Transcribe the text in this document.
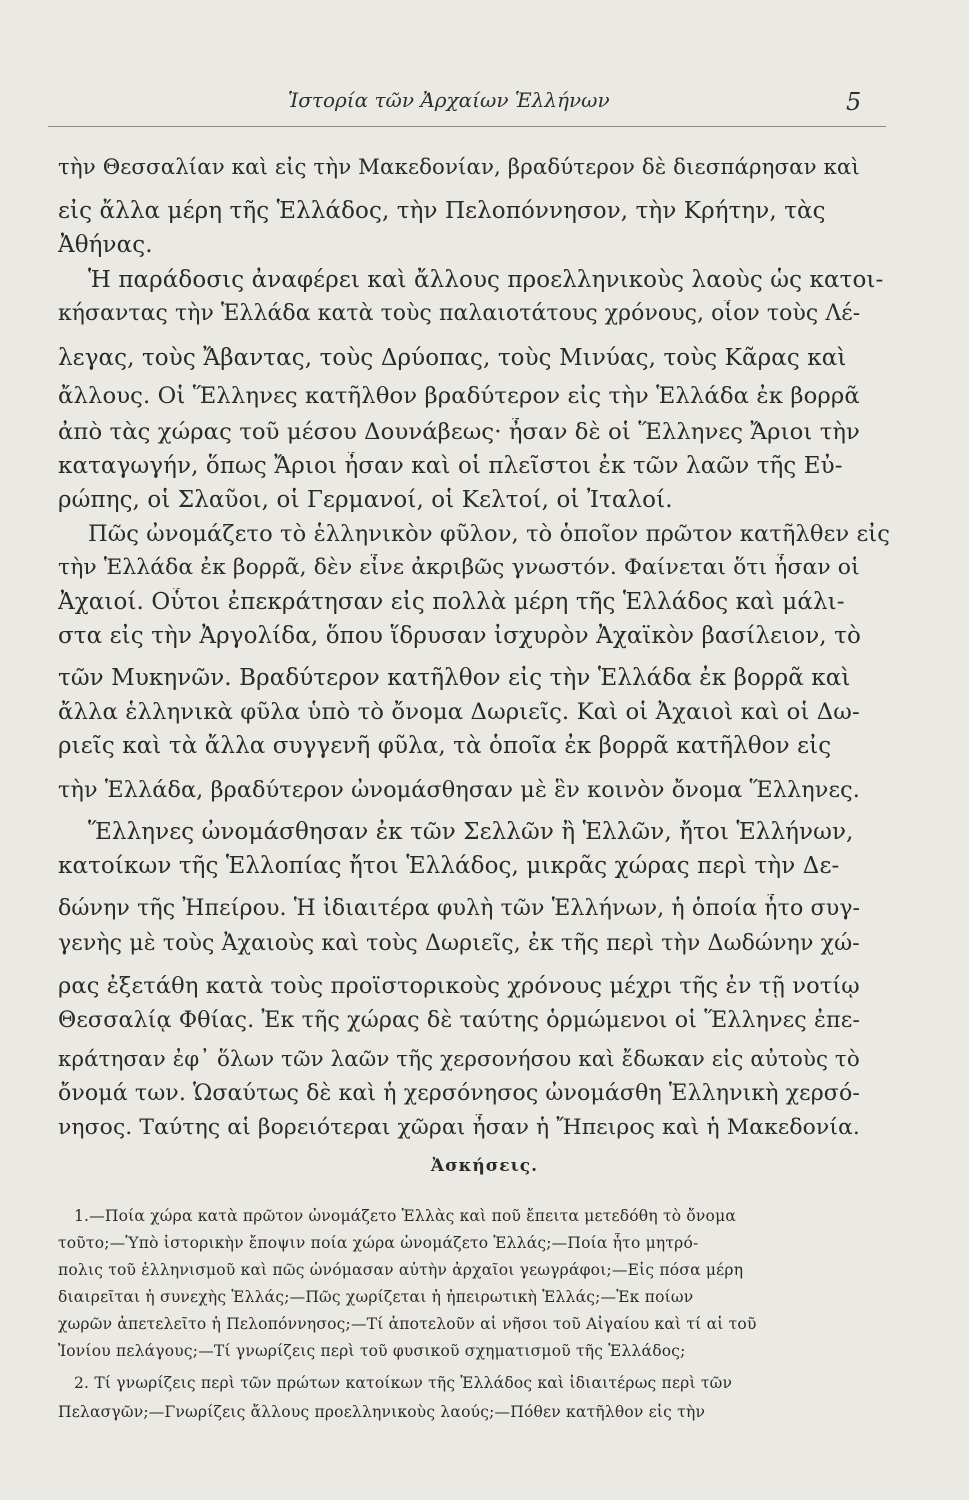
Ἱστορία τῶν Ἀρχαίων Ἑλλήνων	5

τὴν Θεσσαλίαν καὶ εἰς τὴν Μακεδονίαν, βραδύτερον δὲ διεσπάρησαν καὶ

εἰς ἄλλα μέρη τῆς Ἑλλάδος, τὴν Πελοπόννησον, τὴν Κρήτην, τὰς

Ἀθήνας.

Ἡ παράδοσις ἀναφέρει καὶ ἄλλους προελληνικοὺς λαοὺς ὡς κατοι-

κήσαντας τὴν Ἑλλάδα κατὰ τοὺς παλαιοτάτους χρόνους, οἷον τοὺς Λέ-

λεγας, τοὺς Ἄβαντας, τοὺς Δρύοπας, τοὺς Μινύας, τοὺς Κᾶρας καὶ

ἄλλους. Οἱ Ἕλληνες κατῆλθον βραδύτερον εἰς τὴν Ἑλλάδα ἐκ βορρᾶ

ἀπὸ τὰς χώρας τοῦ μέσου Δουνάβεως· ἦσαν δὲ οἱ Ἕλληνες Ἄριοι τὴν

καταγωγήν, ὅπως Ἄριοι ἦσαν καὶ οἱ πλεῖστοι ἐκ τῶν λαῶν τῆς Εὐ-

ρώπης, οἱ Σλαῦοι, οἱ Γερμανοί, οἱ Κελτοί, οἱ Ἰταλοί.

Πῶς ὠνομάζετο τὸ ἑλληνικὸν φῦλον, τὸ ὁποῖον πρῶτον κατῆλθεν εἰς

τὴν Ἑλλάδα ἐκ βορρᾶ, δὲν εἶνε ἀκριβῶς γνωστόν. Φαίνεται ὅτι ἦσαν οἱ

Ἀχαιοί. Οὗτοι ἐπεκράτησαν εἰς πολλὰ μέρη τῆς Ἑλλάδος καὶ μάλι-

στα εἰς τὴν Ἀργολίδα, ὅπου ἵδρυσαν ἰσχυρὸν Ἀχαϊκὸν βασίλειον, τὸ

τῶν Μυκηνῶν. Βραδύτερον κατῆλθον εἰς τὴν Ἑλλάδα ἐκ βορρᾶ καὶ

ἄλλα ἑλληνικὰ φῦλα ὑπὸ τὸ ὄνομα Δωριεῖς. Καὶ οἱ Ἀχαιοὶ καὶ οἱ Δω-

ριεῖς καὶ τὰ ἄλλα συγγενῆ φῦλα, τὰ ὁποῖα ἐκ βορρᾶ κατῆλθον εἰς

τὴν Ἑλλάδα, βραδύτερον ὠνομάσθησαν μὲ ἓν κοινὸν ὄνομα Ἕλληνες.

Ἕλληνες ὠνομάσθησαν ἐκ τῶν Σελλῶν ἢ Ἑλλῶν, ἤτοι Ἑλλήνων,

κατοίκων τῆς Ἑλλοπίας ἤτοι Ἑλλάδος, μικρᾶς χώρας περὶ τὴν Δε-

δώνην τῆς Ἠπείρου. Ἡ ἰδιαιτέρα φυλὴ τῶν Ἑλλήνων, ἡ ὁποία ἦτο συγ-

γενὴς μὲ τοὺς Ἀχαιοὺς καὶ τοὺς Δωριεῖς, ἐκ τῆς περὶ τὴν Δωδώνην χώ-

ρας ἐξετάθη κατὰ τοὺς προϊστορικοὺς χρόνους μέχρι τῆς ἐν τῇ νοτίῳ

Θεσσαλίᾳ Φθίας. Ἐκ τῆς χώρας δὲ ταύτης ὁρμώμενοι οἱ Ἕλληνες ἐπε-

κράτησαν ἐφ᾿ ὅλων τῶν λαῶν τῆς χερσονήσου καὶ ἔδωκαν εἰς αὐτοὺς τὸ

ὄνομά των. Ὡσαύτως δὲ καὶ ἡ χερσόνησος ὠνομάσθη Ἑλληνικὴ χερσό-

νησος. Ταύτης αἱ βορειότεραι χῶραι ἦσαν ἡ Ἤπειρος καὶ ἡ Μακεδονία.

Ἀσκήσεις.

1.—Ποία χώρα κατὰ πρῶτον ὠνομάζετο Ἑλλὰς καὶ ποῦ ἔπειτα μετεδόθη τὸ ὄνομα

τοῦτο;—Ὑπὸ ἱστορικὴν ἔποψιν ποία χώρα ὠνομάζετο Ἑλλάς;—Ποία ἦτο μητρό-

πολις τοῦ ἑλληνισμοῦ καὶ πῶς ὠνόμασαν αὐτὴν ἀρχαῖοι γεωγράφοι;—Εἰς πόσα μέρη

διαιρεῖται ἡ συνεχὴς Ἑλλάς;—Πῶς χωρίζεται ἡ ἠπειρωτικὴ Ἑλλάς;—Ἐκ ποίων

χωρῶν ἀπετελεῖτο ἡ Πελοπόννησος;—Τί ἀποτελοῦν αἱ νῆσοι τοῦ Αἰγαίου καὶ τί αἱ τοῦ

Ἰονίου πελάγους;—Τί γνωρίζεις περὶ τοῦ φυσικοῦ σχηματισμοῦ τῆς Ἑλλάδος;

2. Τί γνωρίζεις περὶ τῶν πρώτων κατοίκων τῆς Ἑλλάδος καὶ ἰδιαιτέρως περὶ τῶν

Πελασγῶν;—Γνωρίζεις ἄλλους προελληνικοὺς λαούς;—Πόθεν κατῆλθον εἰς τὴν
